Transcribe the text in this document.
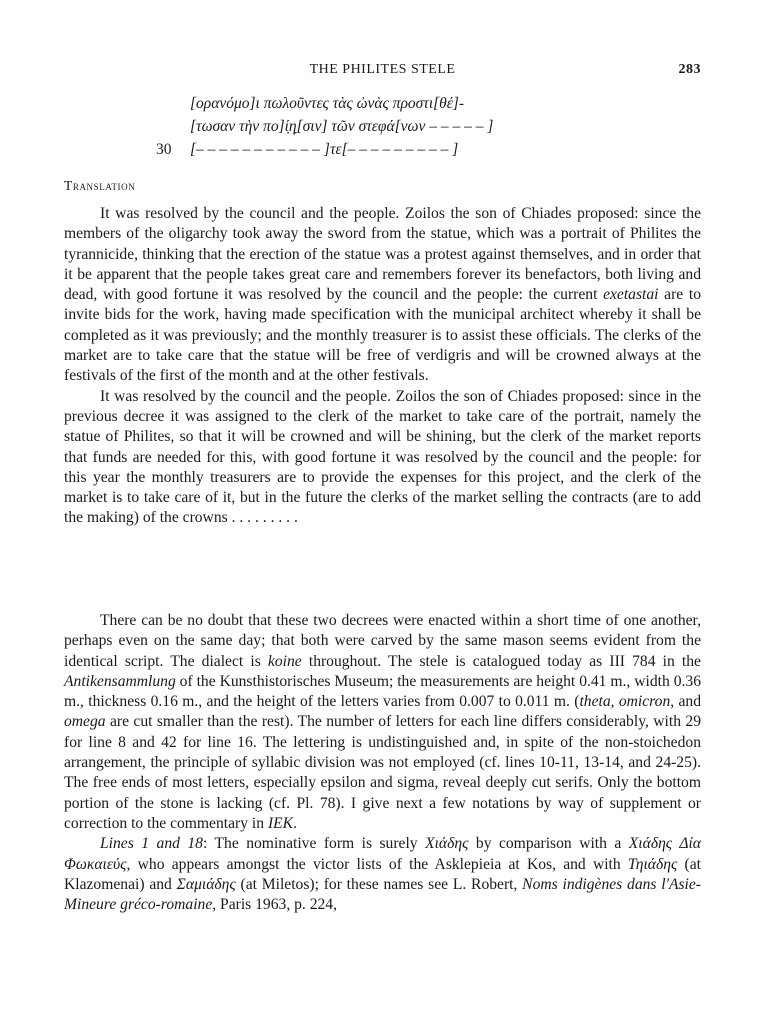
THE PHILITES STELE	283
[ορανόμο]ι πωλοῦντες τὰς ὠνὰς προστι[θέ]-
[τωσαν τὴν πο]ί̣η̣[σιν] τῶν στεφά[νων – – – – – ]
30 [– – – – – – – – – – – ]τε[– – – – – – – – – ]
Translation

It was resolved by the council and the people. Zoilos the son of Chiades proposed: since the members of the oligarchy took away the sword from the statue, which was a portrait of Philites the tyrannicide, thinking that the erection of the statue was a protest against themselves, and in order that it be apparent that the people takes great care and remembers forever its benefactors, both living and dead, with good fortune it was resolved by the council and the people: the current exetastai are to invite bids for the work, having made specification with the municipal architect whereby it shall be completed as it was previously; and the monthly treasurer is to assist these officials. The clerks of the market are to take care that the statue will be free of verdigris and will be crowned always at the festivals of the first of the month and at the other festivals.

It was resolved by the council and the people. Zoilos the son of Chiades proposed: since in the previous decree it was assigned to the clerk of the market to take care of the portrait, namely the statue of Philites, so that it will be crowned and will be shining, but the clerk of the market reports that funds are needed for this, with good fortune it was resolved by the council and the people: for this year the monthly treasurers are to provide the expenses for this project, and the clerk of the market is to take care of it, but in the future the clerks of the market selling the contracts (are to add the making) of the crowns . . . . . . . . .

There can be no doubt that these two decrees were enacted within a short time of one another, perhaps even on the same day; that both were carved by the same mason seems evident from the identical script. The dialect is koine throughout. The stele is catalogued today as III 784 in the Antikensammlung of the Kunsthistorisches Museum; the measurements are height 0.41 m., width 0.36 m., thickness 0.16 m., and the height of the letters varies from 0.007 to 0.011 m. (theta, omicron, and omega are cut smaller than the rest). The number of letters for each line differs considerably, with 29 for line 8 and 42 for line 16. The lettering is undistinguished and, in spite of the non-stoichedon arrangement, the principle of syllabic division was not employed (cf. lines 10-11, 13-14, and 24-25). The free ends of most letters, especially epsilon and sigma, reveal deeply cut serifs. Only the bottom portion of the stone is lacking (cf. Pl. 78). I give next a few notations by way of supplement or correction to the commentary in IEK.

Lines 1 and 18: The nominative form is surely Χιάδης by comparison with a Χιάδης Δία Φωκαιεύς, who appears amongst the victor lists of the Asklepieia at Kos, and with Τηιάδης (at Klazomenai) and Σαμιάδης (at Miletos); for these names see L. Robert, Noms indigènes dans l'Asie-Mineure gréco-romaine, Paris 1963, p. 224,
